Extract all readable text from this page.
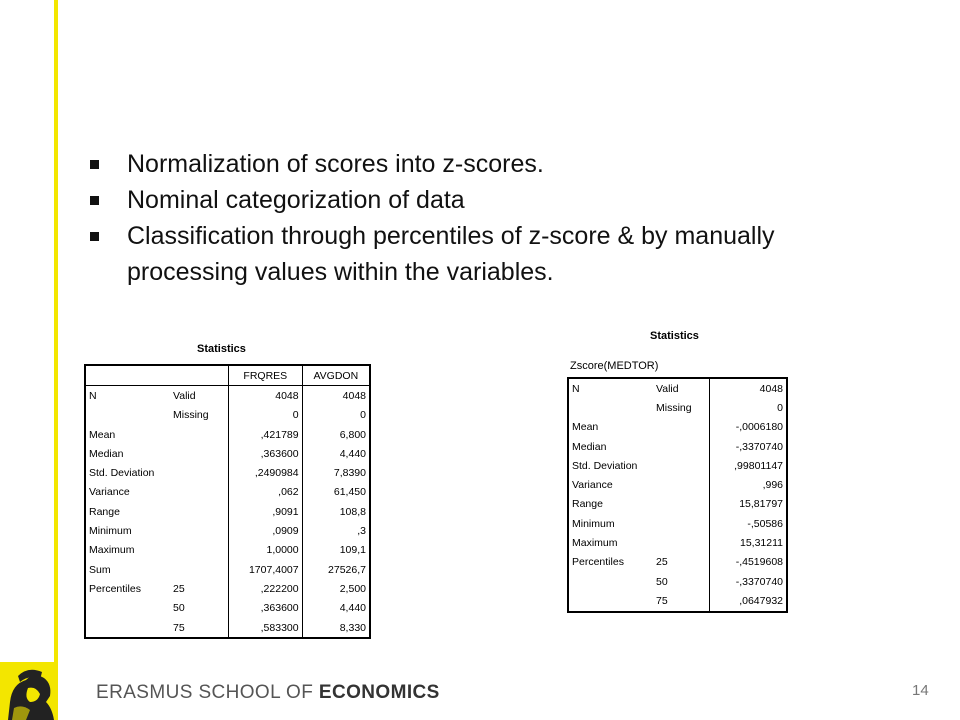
Normalization of scores into z-scores.
Nominal categorization of data
Classification through percentiles of z-score & by manually processing values within the variables.
Statistics
		FRQRES	AVGDON
N	Valid	4048	4048
	Missing	0	0
Mean		,421789	6,800
Median		,363600	4,440
Std. Deviation		,2490984	7,8390
Variance		,062	61,450
Range		,9091	108,8
Minimum		,0909	,3
Maximum		1,0000	109,1
Sum		1707,4007	27526,7
Percentiles	25	,222200	2,500
	50	,363600	4,440
	75	,583300	8,330
Statistics
Zscore(MEDTOR)
N	Valid	4048
	Missing	0
Mean		-,0006180
Median		-,3370740
Std. Deviation		,99801147
Variance		,996
Range		15,81797
Minimum		-,50586
Maximum		15,31211
Percentiles	25	-,4519608
	50	-,3370740
	75	,0647932
ERASMUS SCHOOL OF ECONOMICS	14
